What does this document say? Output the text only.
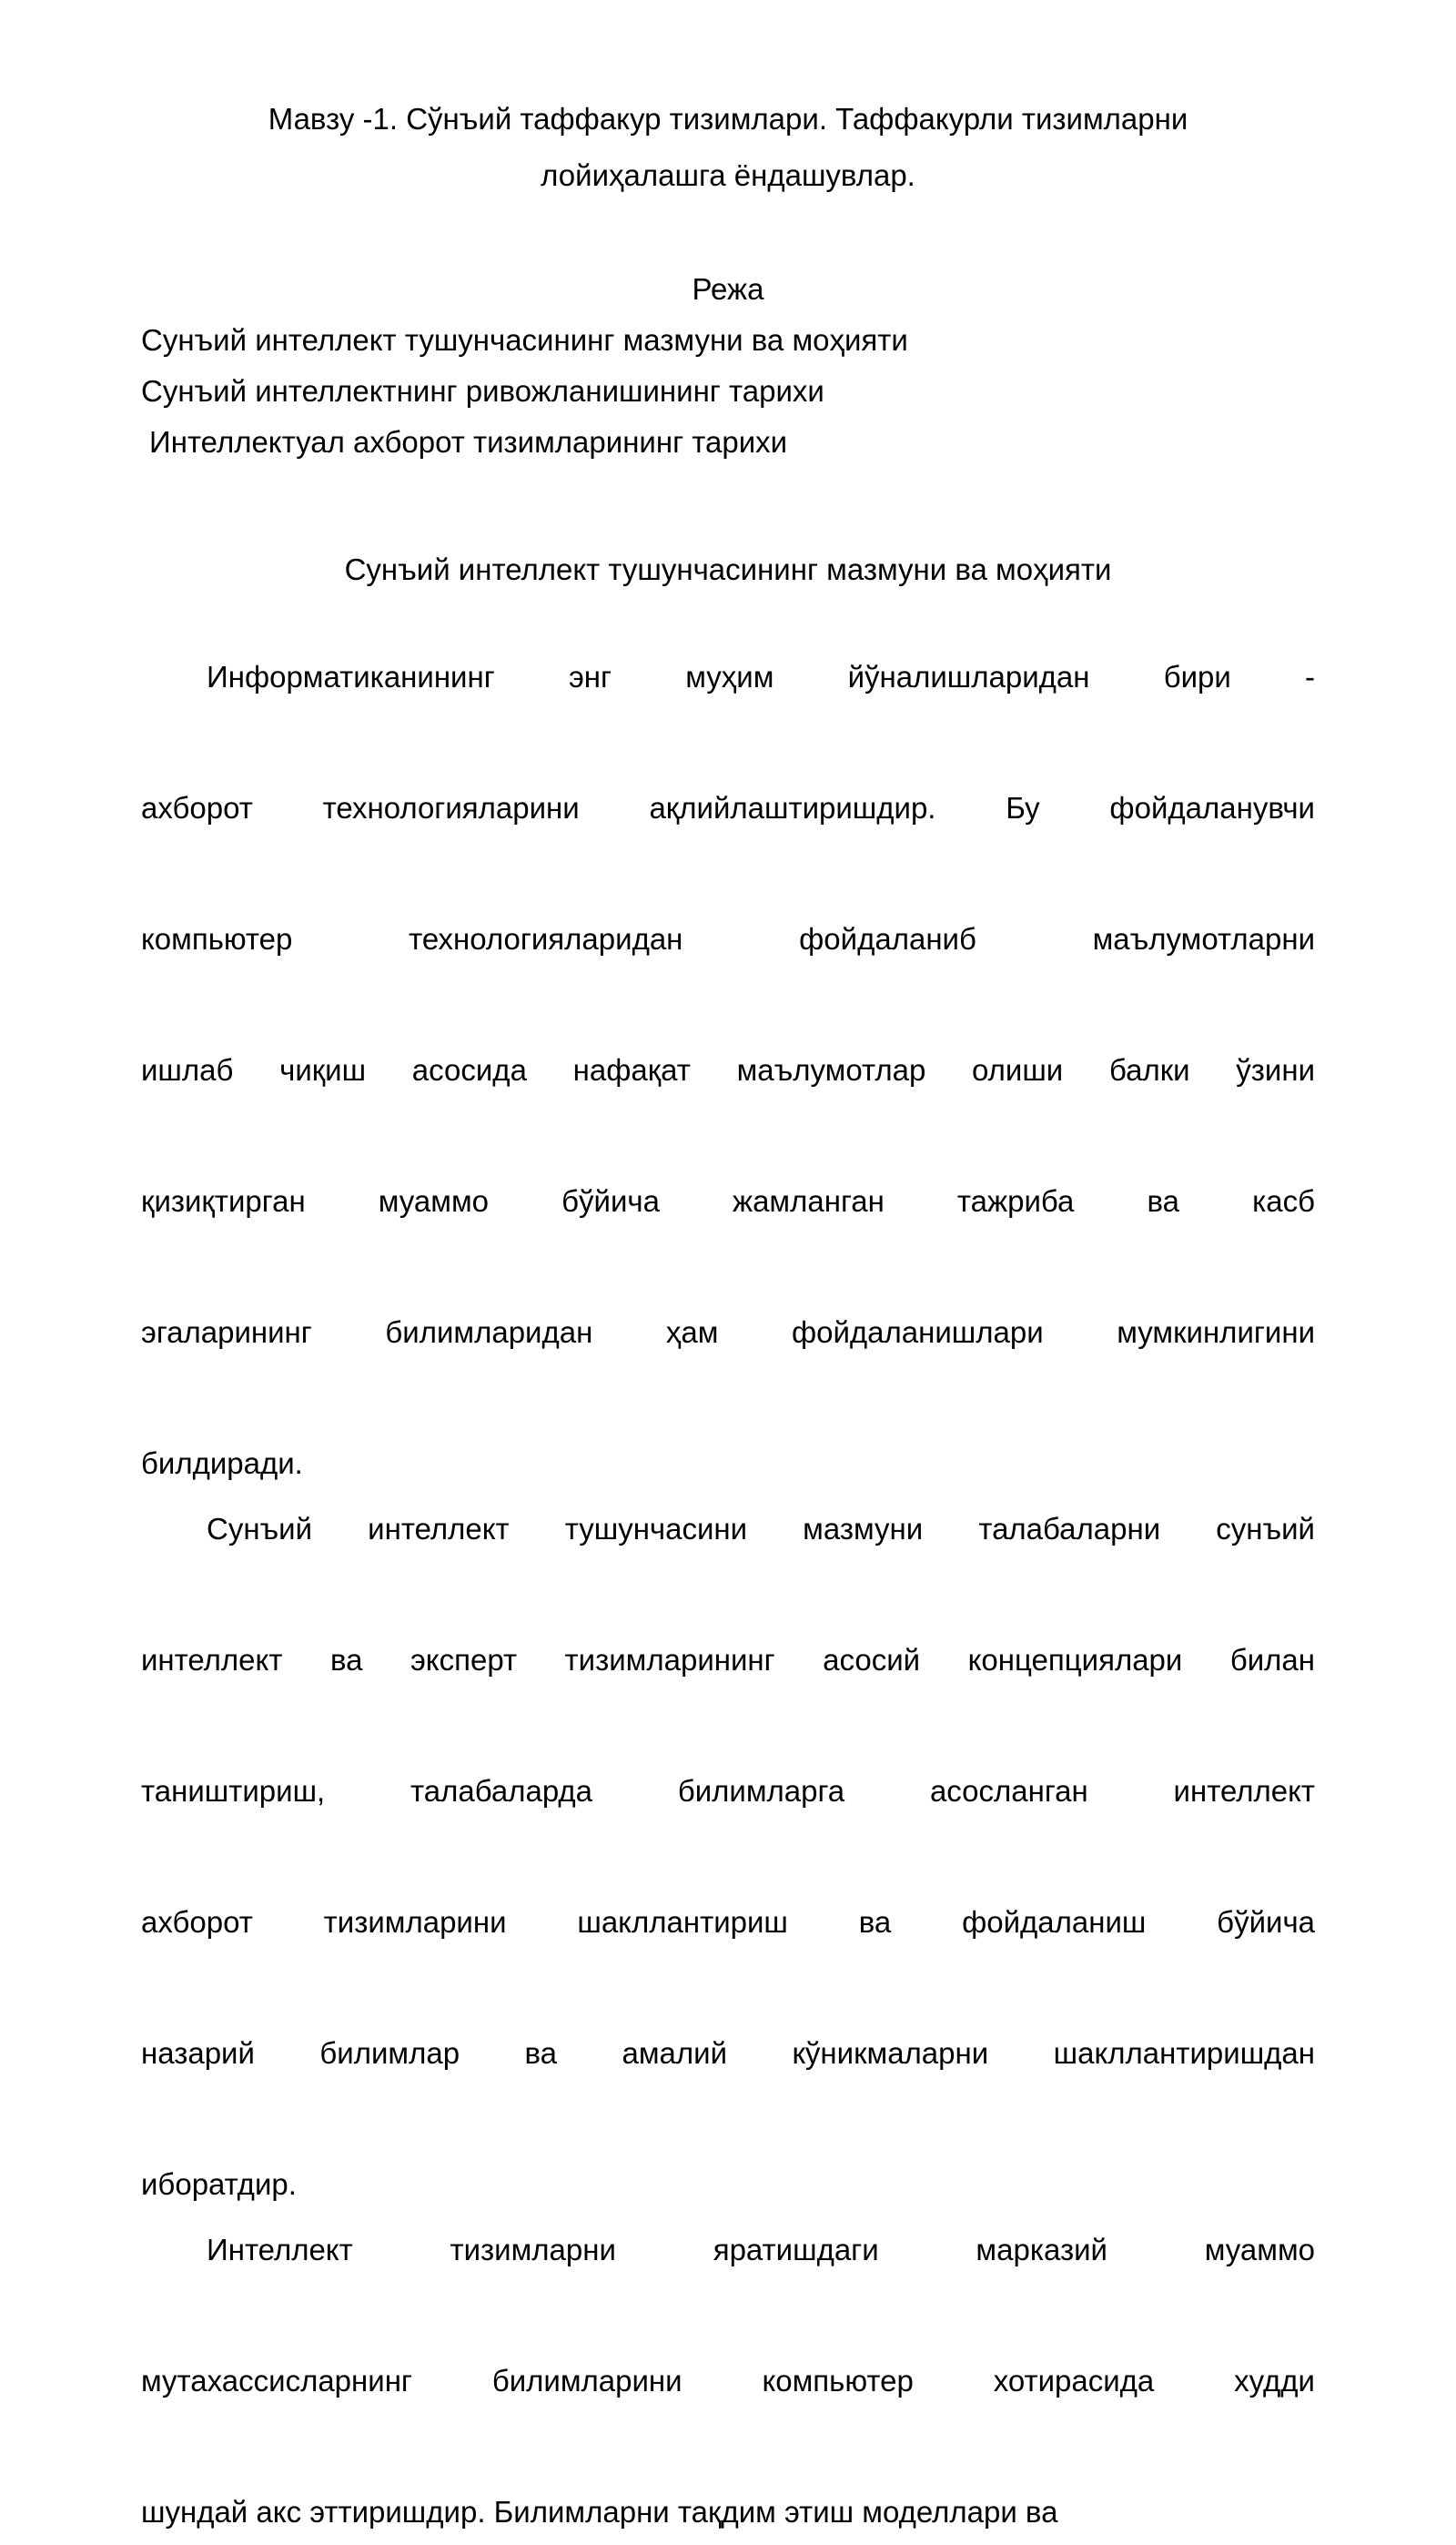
Мавзу -1. Сўнъий таффакур тизимлари. Таффакурли тизимларни
лойиҳалашга ёндашувлар.
Режа
Сунъий интеллект тушунчасининг мазмуни ва моҳияти
Сунъий интеллектнинг ривожланишининг тарихи
Интеллектуал ахборот тизимларининг тарихи
Сунъий интеллект тушунчасининг мазмуни ва моҳияти

Информатиканининг энг муҳим йўналишларидан бири -
ахборот технологияларини ақлийлаштиришдир. Бу фойдаланувчи
компьютер технологияларидан фойдаланиб маълумотларни
ишлаб чиқиш асосида нафақат маълумотлар олиши балки ўзини
қизиқтирган муаммо бўйича жамланган тажриба ва касб
эгаларининг билимларидан ҳам фойдаланишлари мумкинлигини
билдиради.

Сунъий интеллект тушунчасини мазмуни талабаларни сунъий
интеллект ва эксперт тизимларининг асосий концепциялари билан
таништириш, талабаларда билимларга асосланган интеллект
ахборот тизимларини шакллантириш ва фойдаланиш бўйича
назарий билимлар ва амалий кўникмаларни шакллантиришдан
иборатдир.

Интеллект тизимларни яратишдаги марказий муаммо
мутахассисларнинг билимларини компьютер хотирасида худди
шундай акс эттиришдир. Билимларни тақдим этиш моделлари ва
